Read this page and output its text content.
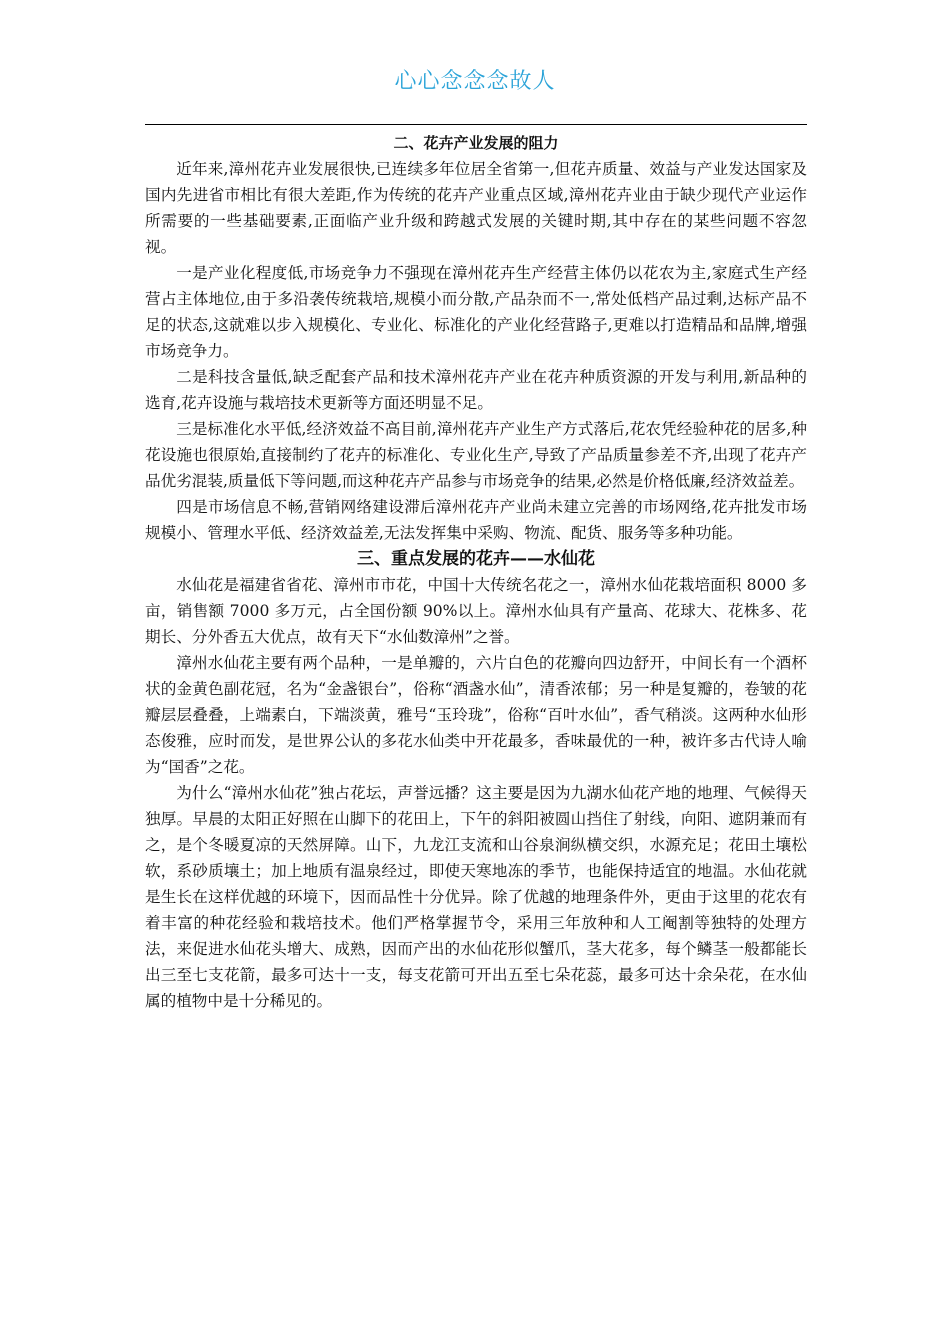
心心念念念故人
二、花卉产业发展的阻力

近年来,漳州花卉业发展很快,已连续多年位居全省第一,但花卉质量、效益与产业发达国家及国内先进省市相比有很大差距,作为传统的花卉产业重点区域,漳州花卉业由于缺少现代产业运作所需要的一些基础要素,正面临产业升级和跨越式发展的关键时期,其中存在的某些问题不容忽视。

一是产业化程度低,市场竞争力不强现在漳州花卉生产经营主体仍以花农为主,家庭式生产经营占主体地位,由于多沿袭传统栽培,规模小而分散,产品杂而不一,常处低档产品过剩,达标产品不足的状态,这就难以步入规模化、专业化、标准化的产业化经营路子,更难以打造精品和品牌,增强市场竞争力。

二是科技含量低,缺乏配套产品和技术漳州花卉产业在花卉种质资源的开发与利用,新品种的选育,花卉设施与栽培技术更新等方面还明显不足。

三是标准化水平低,经济效益不高目前,漳州花卉产业生产方式落后,花农凭经验种花的居多,种花设施也很原始,直接制约了花卉的标准化、专业化生产,导致了产品质量参差不齐,出现了花卉产品优劣混装,质量低下等问题,而这种花卉产品参与市场竞争的结果,必然是价格低廉,经济效益差。

四是市场信息不畅,营销网络建设滞后漳州花卉产业尚未建立完善的市场网络,花卉批发市场规模小、管理水平低、经济效益差,无法发挥集中采购、物流、配货、服务等多种功能。

三、重点发展的花卉——水仙花

水仙花是福建省省花、漳州市市花，中国十大传统名花之一，漳州水仙花栽培面积 8000 多亩，销售额 7000 多万元，占全国份额 90%以上。漳州水仙具有产量高、花球大、花株多、花期长、分外香五大优点，故有天下“水仙数漳州”之誉。

漳州水仙花主要有两个品种，一是单瓣的，六片白色的花瓣向四边舒开，中间长有一个酒杯状的金黄色副花冠，名为“金盏银台”，俗称“酒盏水仙”，清香浓郁；另一种是复瓣的，卷皱的花瓣层层叠叠，上端素白，下端淡黄，雅号“玉玲珑”，俗称“百叶水仙”，香气稍淡。这两种水仙形态俊雅，应时而发，是世界公认的多花水仙类中开花最多，香味最优的一种，被许多古代诗人喻为“国香”之花。

为什么“漳州水仙花”独占花坛，声誉远播？这主要是因为九湖水仙花产地的地理、气候得天独厚。早晨的太阳正好照在山脚下的花田上，下午的斜阳被圆山挡住了射线，向阳、遮阴兼而有之，是个冬暖夏凉的天然屏障。山下，九龙江支流和山谷泉涧纵横交织，水源充足；花田土壤松软，系砂质壤土；加上地质有温泉经过，即使天寒地冻的季节，也能保持适宜的地温。水仙花就是生长在这样优越的环境下，因而品性十分优异。除了优越的地理条件外，更由于这里的花农有着丰富的种花经验和栽培技术。他们严格掌握节令，采用三年放种和人工阉割等独特的处理方法，来促进水仙花头增大、成熟，因而产出的水仙花形似蟹爪，茎大花多，每个鳞茎一般都能长出三至七支花箭，最多可达十一支，每支花箭可开出五至七朵花蕊，最多可达十余朵花，在水仙属的植物中是十分稀见的。
